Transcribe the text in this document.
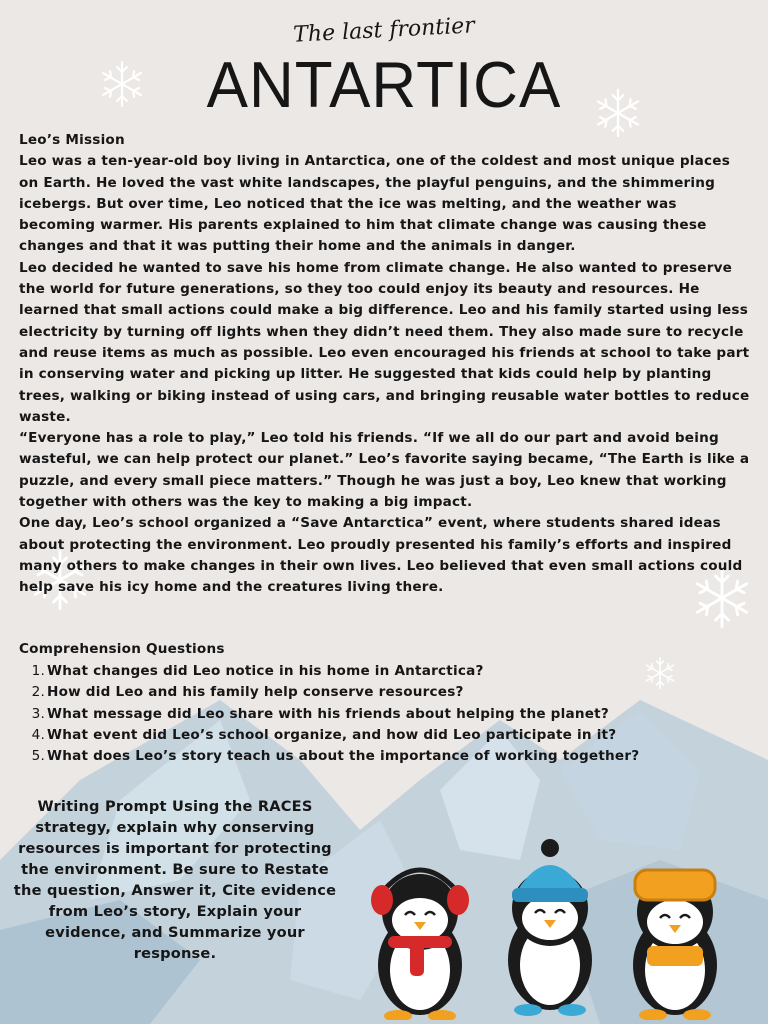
The last frontier
ANTARTICA

Leo’s Mission

Leo was a ten-year-old boy living in Antarctica, one of the coldest and most unique places on Earth. He loved the vast white landscapes, the playful penguins, and the shimmering icebergs. But over time, Leo noticed that the ice was melting, and the weather was becoming warmer. His parents explained to him that climate change was causing these changes and that it was putting their home and the animals in danger.

Leo decided he wanted to save his home from climate change. He also wanted to preserve the world for future generations, so they too could enjoy its beauty and resources. He learned that small actions could make a big difference. Leo and his family started using less electricity by turning off lights when they didn’t need them. They also made sure to recycle and reuse items as much as possible. Leo even encouraged his friends at school to take part in conserving water and picking up litter. He suggested that kids could help by planting trees, walking or biking instead of using cars, and bringing reusable water bottles to reduce waste.

“Everyone has a role to play,” Leo told his friends. “If we all do our part and avoid being wasteful, we can help protect our planet.” Leo’s favorite saying became, “The Earth is like a puzzle, and every small piece matters.” Though he was just a boy, Leo knew that working together with others was the key to making a big impact.

One day, Leo’s school organized a “Save Antarctica” event, where students shared ideas about protecting the environment. Leo proudly presented his family’s efforts and inspired many others to make changes in their own lives. Leo believed that even small actions could help save his icy home and the creatures living there.

Comprehension Questions
1. What changes did Leo notice in his home in Antarctica?
2. How did Leo and his family help conserve resources?
3. What message did Leo share with his friends about helping the planet?
4. What event did Leo’s school organize, and how did Leo participate in it?
5. What does Leo’s story teach us about the importance of working together?
Writing Prompt Using the RACES strategy, explain why conserving resources is important for protecting the environment. Be sure to Restate the question, Answer it, Cite evidence from Leo’s story, Explain your evidence, and Summarize your response.
